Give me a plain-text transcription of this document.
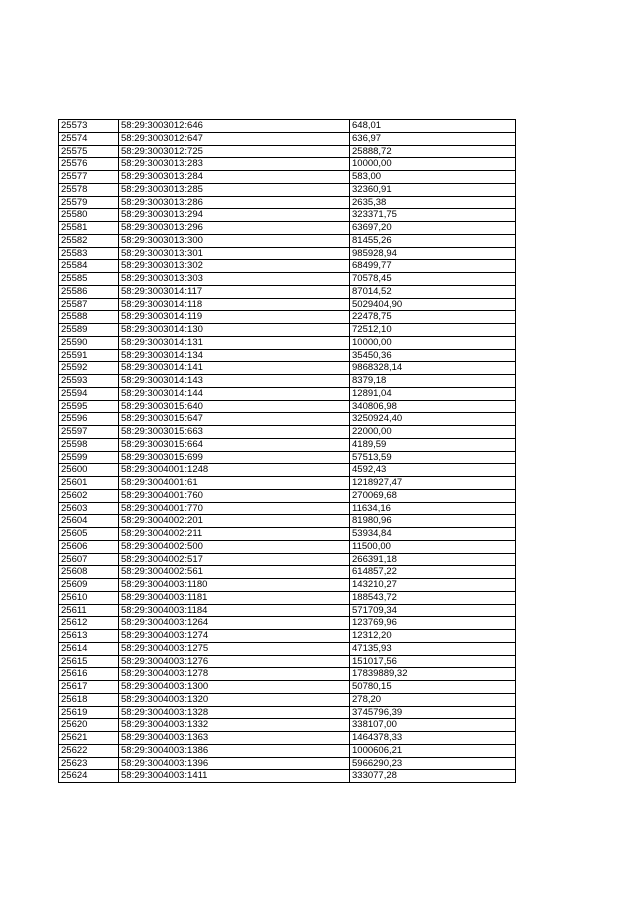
25573	58:29:3003012:646	648,01
25574	58:29:3003012:647	636,97
25575	58:29:3003012:725	25888,72
25576	58:29:3003013:283	10000,00
25577	58:29:3003013:284	583,00
25578	58:29:3003013:285	32360,91
25579	58:29:3003013:286	2635,38
25580	58:29:3003013:294	323371,75
25581	58:29:3003013:296	63697,20
25582	58:29:3003013:300	81455,26
25583	58:29:3003013:301	985928,94
25584	58:29:3003013:302	68499,77
25585	58:29:3003013:303	70578,45
25586	58:29:3003014:117	87014,52
25587	58:29:3003014:118	5029404,90
25588	58:29:3003014:119	22478,75
25589	58:29:3003014:130	72512,10
25590	58:29:3003014:131	10000,00
25591	58:29:3003014:134	35450,36
25592	58:29:3003014:141	9868328,14
25593	58:29:3003014:143	8379,18
25594	58:29:3003014:144	12891,04
25595	58:29:3003015:640	340806,98
25596	58:29:3003015:647	3250924,40
25597	58:29:3003015:663	22000,00
25598	58:29:3003015:664	4189,59
25599	58:29:3003015:699	57513,59
25600	58:29:3004001:1248	4592,43
25601	58:29:3004001:61	1218927,47
25602	58:29:3004001:760	270069,68
25603	58:29:3004001:770	11634,16
25604	58:29:3004002:201	81980,96
25605	58:29:3004002:211	53934,84
25606	58:29:3004002:500	11500,00
25607	58:29:3004002:517	266391,18
25608	58:29:3004002:561	614857,22
25609	58:29:3004003:1180	143210,27
25610	58:29:3004003:1181	188543,72
25611	58:29:3004003:1184	571709,34
25612	58:29:3004003:1264	123769,96
25613	58:29:3004003:1274	12312,20
25614	58:29:3004003:1275	47135,93
25615	58:29:3004003:1276	151017,56
25616	58:29:3004003:1278	17839889,32
25617	58:29:3004003:1300	50780,15
25618	58:29:3004003:1320	278,20
25619	58:29:3004003:1328	3745796,39
25620	58:29:3004003:1332	338107,00
25621	58:29:3004003:1363	1464378,33
25622	58:29:3004003:1386	1000606,21
25623	58:29:3004003:1396	5966290,23
25624	58:29:3004003:1411	333077,28
